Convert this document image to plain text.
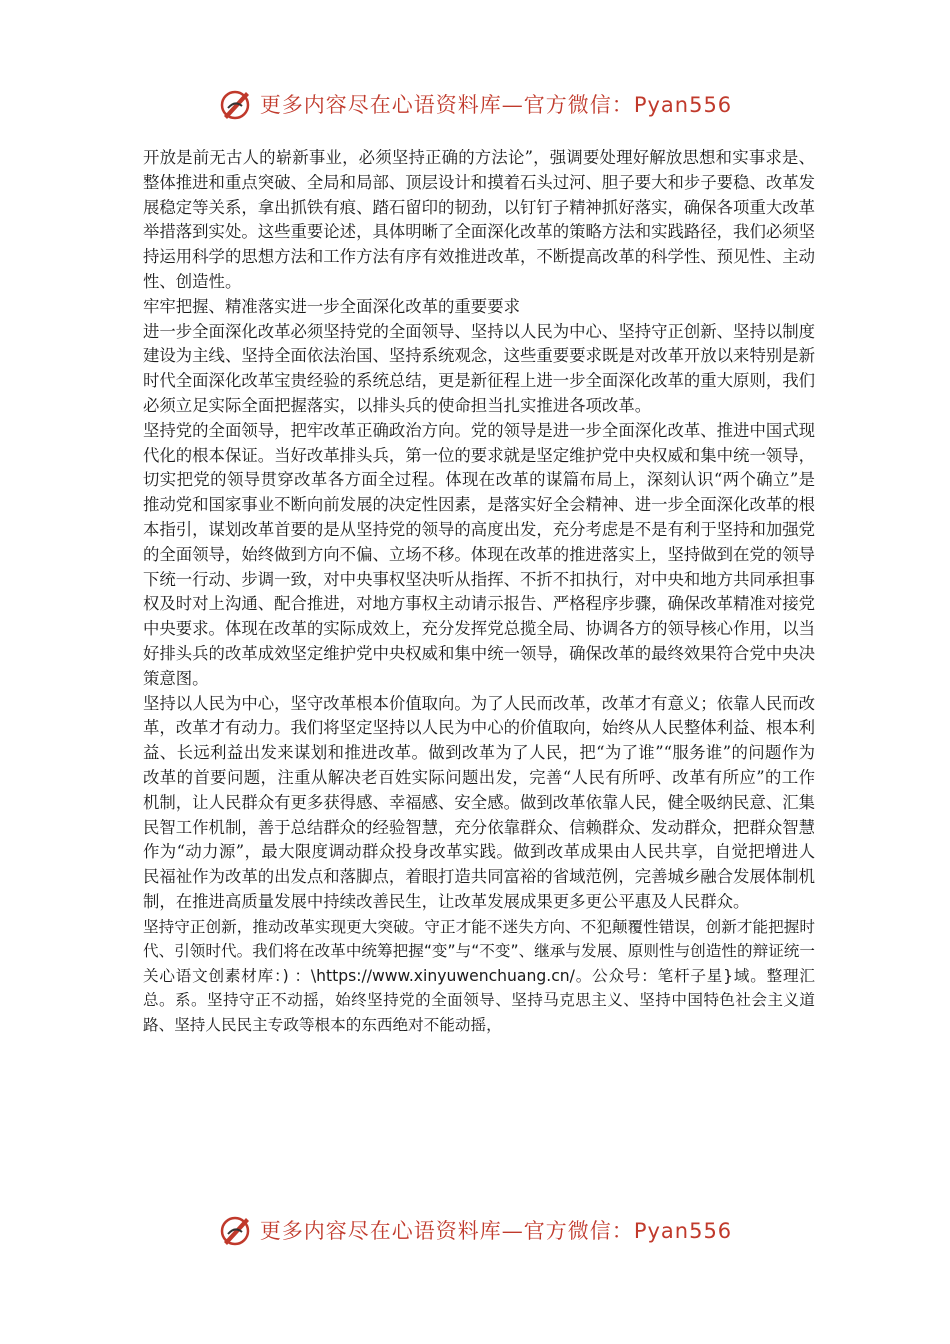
更多内容尽在心语资料库—官方微信：Pyan556

开放是前无古人的崭新事业，必须坚持正确的方法论”，强调要处理好解放思想和实事求是、整体推进和重点突破、全局和局部、顶层设计和摸着石头过河、胆子要大和步子要稳、改革发展稳定等关系，拿出抓铁有痕、踏石留印的韧劲，以钉钉子精神抓好落实，确保各项重大改革举措落到实处。这些重要论述，具体明晰了全面深化改革的策略方法和实践路径，我们必须坚持运用科学的思想方法和工作方法有序有效推进改革，不断提高改革的科学性、预见性、主动性、创造性。

牢牢把握、精准落实进一步全面深化改革的重要要求

进一步全面深化改革必须坚持党的全面领导、坚持以人民为中心、坚持守正创新、坚持以制度建设为主线、坚持全面依法治国、坚持系统观念，这些重要要求既是对改革开放以来特别是新时代全面深化改革宝贵经验的系统总结，更是新征程上进一步全面深化改革的重大原则，我们必须立足实际全面把握落实，以排头兵的使命担当扎实推进各项改革。

坚持党的全面领导，把牢改革正确政治方向。党的领导是进一步全面深化改革、推进中国式现代化的根本保证。当好改革排头兵，第一位的要求就是坚定维护党中央权威和集中统一领导，切实把党的领导贯穿改革各方面全过程。体现在改革的谋篇布局上，深刻认识“两个确立”是推动党和国家事业不断向前发展的决定性因素，是落实好全会精神、进一步全面深化改革的根本指引，谋划改革首要的是从坚持党的领导的高度出发，充分考虑是不是有利于坚持和加强党的全面领导，始终做到方向不偏、立场不移。体现在改革的推进落实上，坚持做到在党的领导下统一行动、步调一致，对中央事权坚决听从指挥、不折不扣执行，对中央和地方共同承担事权及时对上沟通、配合推进，对地方事权主动请示报告、严格程序步骤，确保改革精准对接党中央要求。体现在改革的实际成效上，充分发挥党总揽全局、协调各方的领导核心作用，以当好排头兵的改革成效坚定维护党中央权威和集中统一领导，确保改革的最终效果符合党中央决策意图。

坚持以人民为中心，坚守改革根本价值取向。为了人民而改革，改革才有意义；依靠人民而改革，改革才有动力。我们将坚定坚持以人民为中心的价值取向，始终从人民整体利益、根本利益、长远利益出发来谋划和推进改革。做到改革为了人民，把“为了谁”“服务谁”的问题作为改革的首要问题，注重从解决老百姓实际问题出发，完善“人民有所呼、改革有所应”的工作机制，让人民群众有更多获得感、幸福感、安全感。做到改革依靠人民，健全吸纳民意、汇集民智工作机制，善于总结群众的经验智慧，充分依靠群众、信赖群众、发动群众，把群众智慧作为“动力源”，最大限度调动群众投身改革实践。做到改革成果由人民共享，自觉把增进人民福祉作为改革的出发点和落脚点，着眼打造共同富裕的省域范例，完善城乡融合发展体制机制，在推进高质量发展中持续改善民生，让改革发展成果更多更公平惠及人民群众。

坚持守正创新，推动改革实现更大突破。守正才能不迷失方向、不犯颠覆性错误，创新才能把握时代、引领时代。我们将在改革中统筹把握“变”与“不变”、继承与发展、原则性与创造性的辩证统一关心语文创素材库：) ：\https://www.xinyuwenchuang.cn/。公众号：笔杆子星}域。整理汇总。系。坚持守正不动摇，始终坚持党的全面领导、坚持马克思主义、坚持中国特色社会主义道路、坚持人民民主专政等根本的东西绝对不能动摇，

更多内容尽在心语资料库—官方微信：Pyan556
